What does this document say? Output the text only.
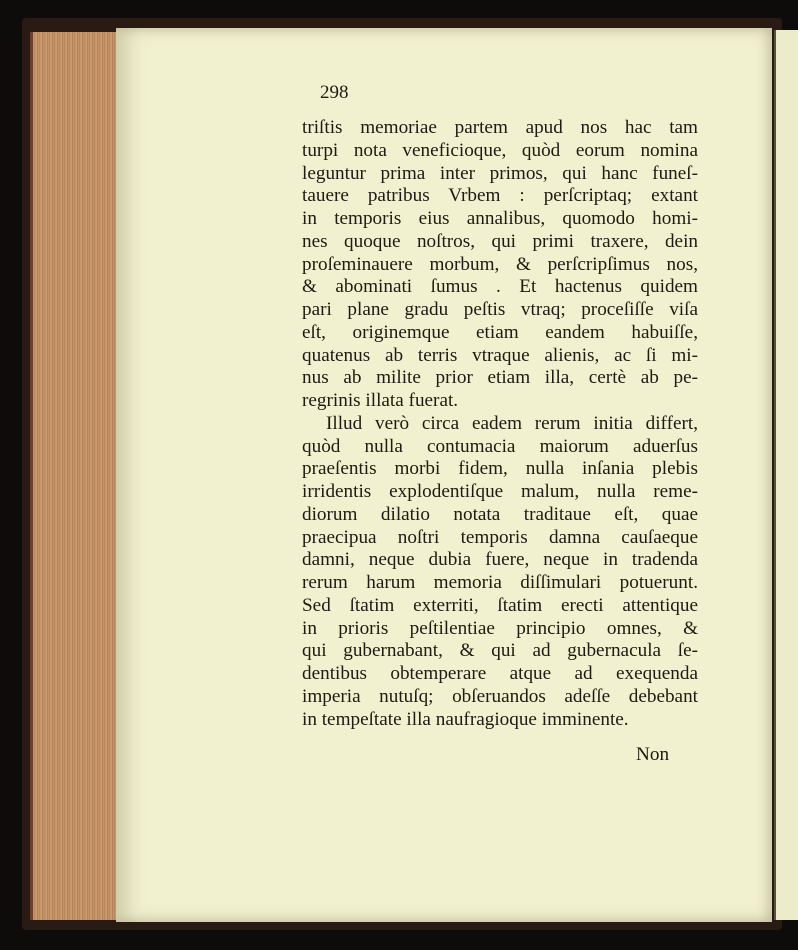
298
triſtis memoriae partem apud nos hac tam
turpi nota veneficioque, quòd eorum nomina
leguntur prima inter primos, qui hanc funeſ-
tauere patribus Vrbem : perſcriptaq; extant
in temporis eius annalibus, quomodo homi-
nes quoque noſtros, qui primi traxere, dein
proſeminauere morbum, & perſcripſimus nos,
& abominati ſumus . Et hactenus quidem
pari plane gradu peſtis vtraq; proceſiſſe viſa
eſt, originemque etiam eandem habuiſſe,
quatenus ab terris vtraque alienis, ac ſi mi-
nus ab milite prior etiam illa, certè ab pe-
regrinis illata fuerat.
Illud verò circa eadem rerum initia differt,
quòd nulla contumacia maiorum aduerſus
praeſentis morbi fidem, nulla inſania plebis
irridentis explodentiſque malum, nulla reme-
diorum dilatio notata traditaue eſt, quae
praecipua noſtri temporis damna cauſaeque
damni, neque dubia fuere, neque in tradenda
rerum harum memoria diſſimulari potuerunt.
Sed ſtatim exterriti, ſtatim erecti attentique
in prioris peſtilentiae principio omnes, &
qui gubernabant, & qui ad gubernacula ſe-
dentibus obtemperare atque ad exequenda
imperia nutuſq; obſeruandos adeſſe debebant
in tempeſtate illa naufragioque imminente.
Non
